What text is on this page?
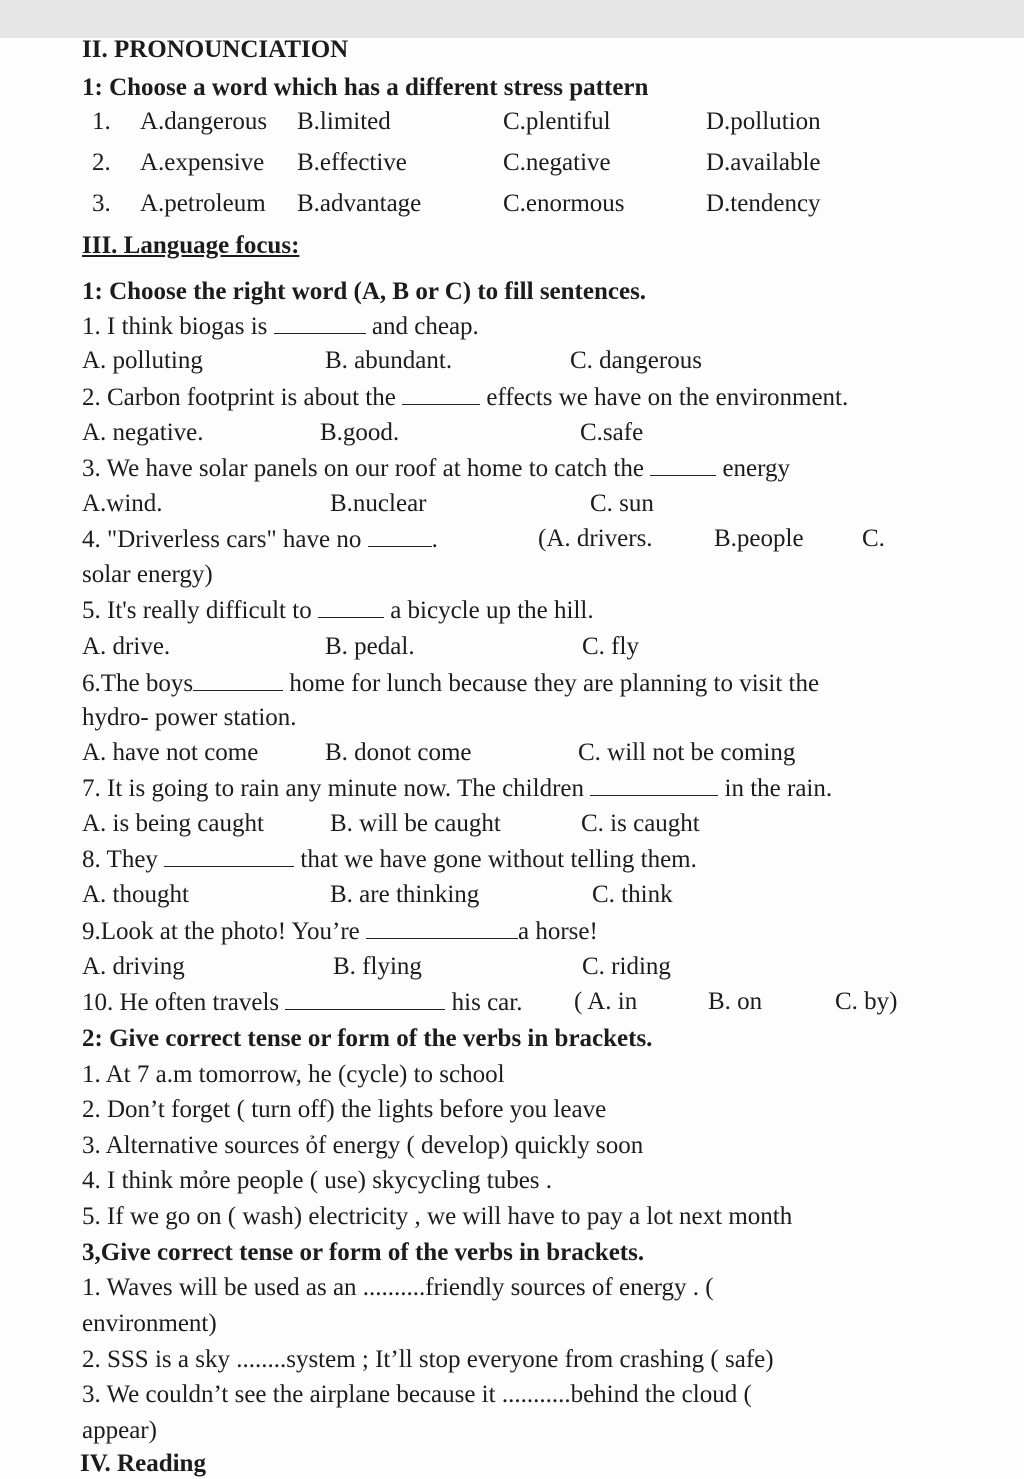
II. PRONOUNCIATION
1: Choose a word which has a different stress pattern
1. A.dangerous B.limited	C.plentiful	D.pollution
2. A.expensive B.effective	C.negative	D.available
3. A.petroleum B.advantage	C.enormous	D.tendency
III. Language focus:
1: Choose the right word (A, B or C) to fill sentences.
1. I think biogas is	and cheap.
A. polluting	B. abundant.	C. dangerous
2. Carbon footprint is about the	effects we have on the environment.
A. negative.	B.good.	C.safe
3. We have solar panels on our roof at home to catch the	energy
A.wind.	B.nuclear	C. sun
4. "Driverless cars" have no	.	(A. drivers. B.people C.
solar energy)
5. It's really difficult to	a bicycle up the hill.
A. drive.	B. pedal.	C. fly
6.The boys	home for lunch because they are planning to visit the
hydro- power station.
A. have not come	B. donot come	C. will not be coming
7. It is going to rain any minute now. The children	in the rain.
A. is being caught	B. will be caught	C. is caught
8. They	that we have gone without telling them.
A. thought	B. are thinking	C. think
9.Look at the photo! You’re	a horse!
A. driving	B. flying	C. riding
10. He often travels	his car. ( A. in	B. on	C. by)
2: Give correct tense or form of the verbs in brackets.
1. At 7 a.m tomorrow, he (cycle) to school
2. Don’t forget ( turn off) the lights before you leave
3. Alternative sources ỏf energy ( develop) quickly soon
4. I think mỏre people ( use) skycycling tubes .
5. If we go on ( wash) electricity , we will have to pay a lot next month
3,Give correct tense or form of the verbs in brackets.
1. Waves will be used as an ..........friendly sources of energy . (
environment)
2. SSS is a sky ........system ; It’ll stop everyone from crashing ( safe)
3. We couldn’t see the airplane because it ...........behind the cloud (
appear)
IV. Reading
